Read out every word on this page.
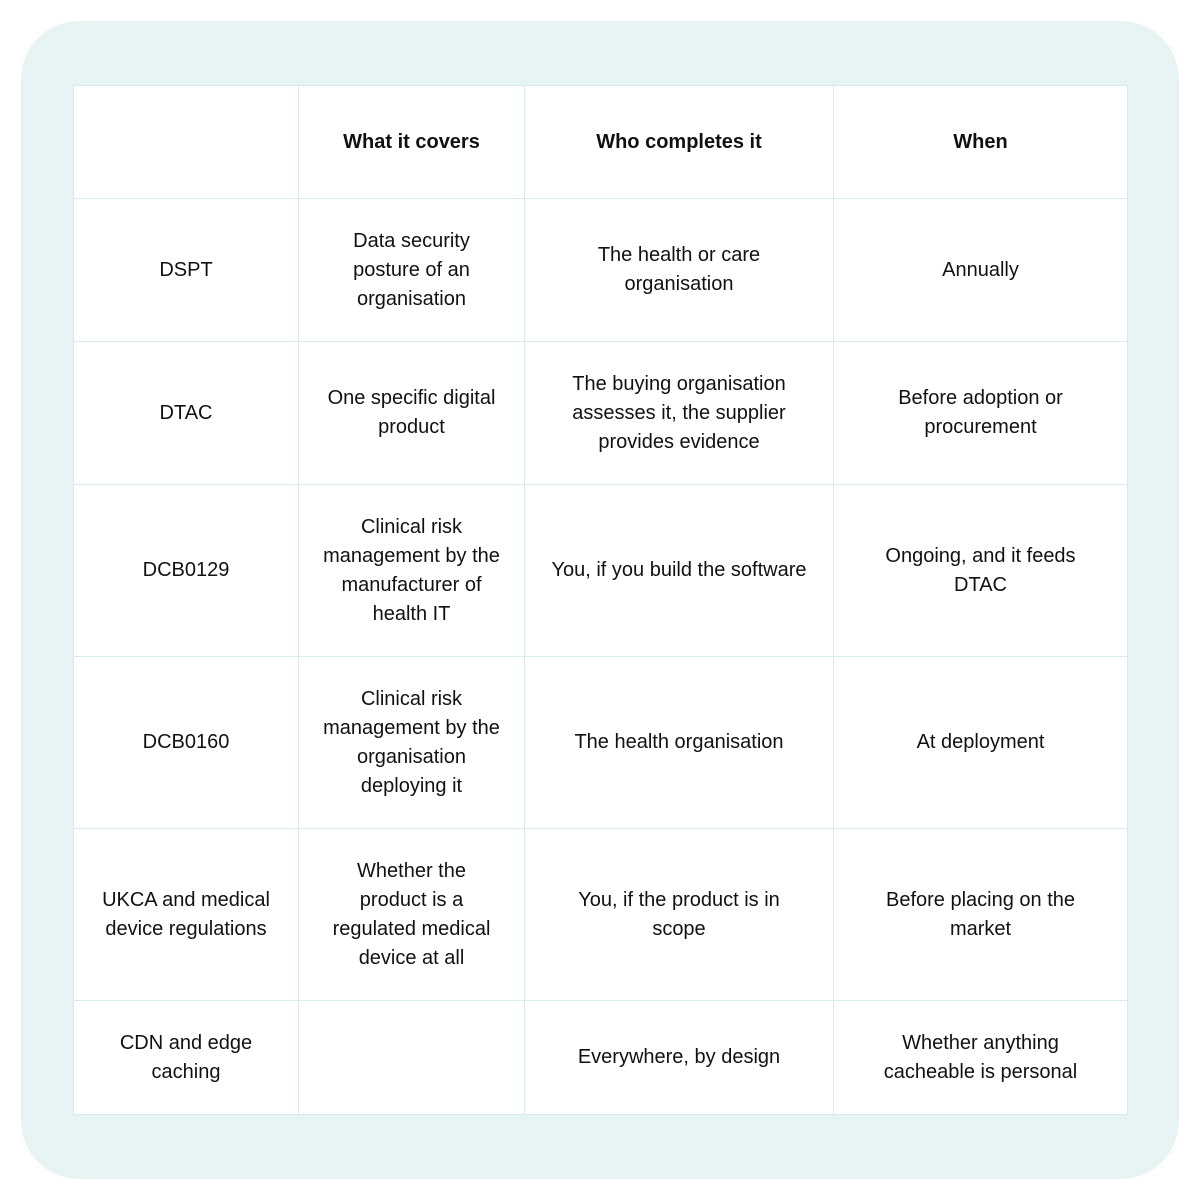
	What it covers	Who completes it	When
DSPT	Data security posture of an organisation	The health or care organisation	Annually
DTAC	One specific digital product	The buying organisation assesses it, the supplier provides evidence	Before adoption or procurement
DCB0129	Clinical risk management by the manufacturer of health IT	You, if you build the software	Ongoing, and it feeds DTAC
DCB0160	Clinical risk management by the organisation deploying it	The health organisation	At deployment
UKCA and medical device regulations	Whether the product is a regulated medical device at all	You, if the product is in scope	Before placing on the market
CDN and edge caching		Everywhere, by design	Whether anything cacheable is personal
